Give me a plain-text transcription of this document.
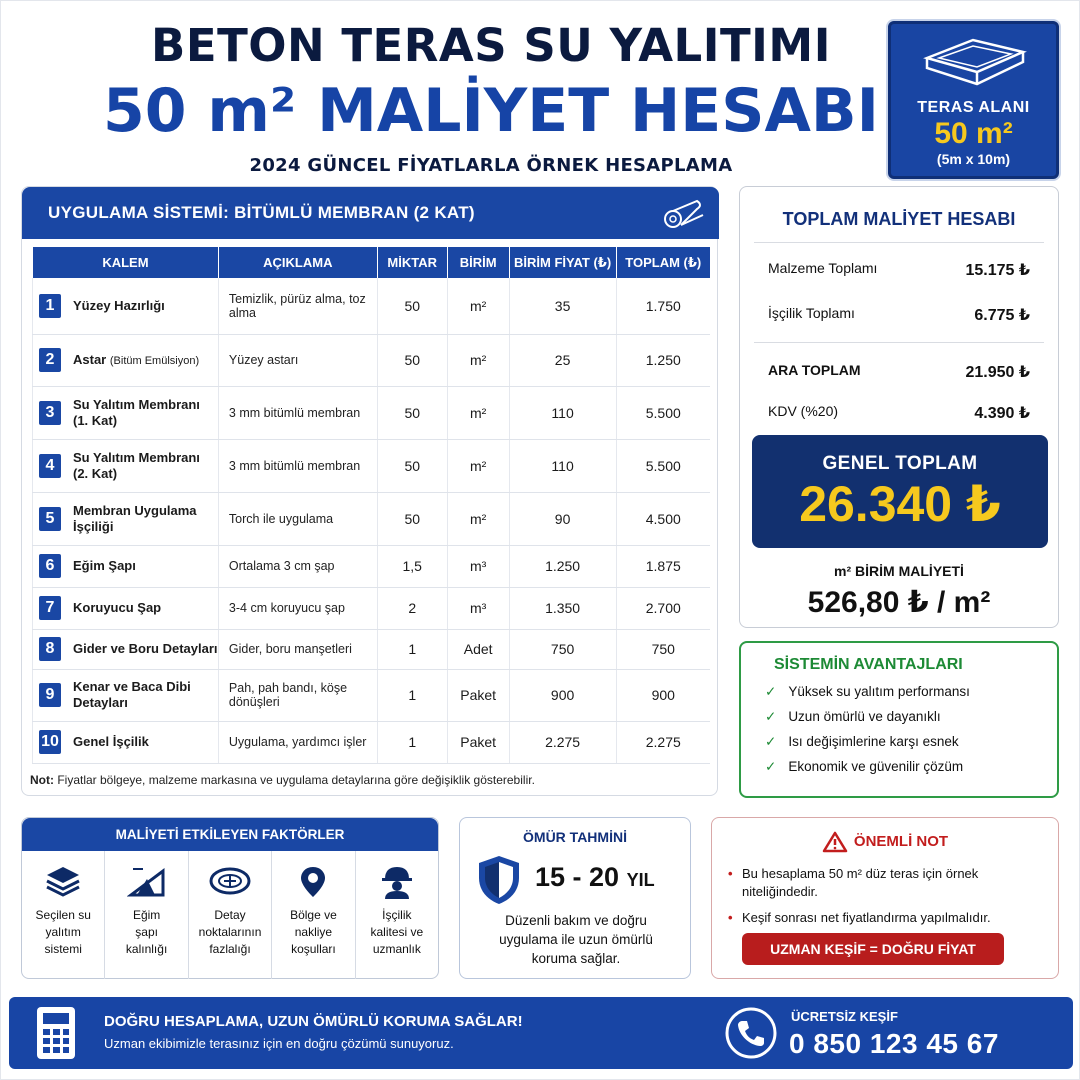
BETON TERAS SU YALITIMI
50 m² MALİYET HESABI
2024 GÜNCEL FİYATLARLA ÖRNEK HESAPLAMA
TERAS ALANI
50 m²
(5m x 10m)
UYGULAMA SİSTEMİ: BİTÜMLÜ MEMBRAN (2 KAT)
KALEM	AÇIKLAMA	MİKTAR	BİRİM	BİRİM FİYAT (₺)	TOPLAM (₺)
1 Yüzey Hazırlığı	Temizlik, pürüz alma, toz alma	50	m²	35	1.750
2 Astar (Bitüm Emülsiyon)	Yüzey astarı	50	m²	25	1.250
3 Su Yalıtım Membranı (1. Kat)	3 mm bitümlü membran	50	m²	110	5.500
4 Su Yalıtım Membranı (2. Kat)	3 mm bitümlü membran	50	m²	110	5.500
5 Membran Uygulama İşçiliği	Torch ile uygulama	50	m²	90	4.500
6 Eğim Şapı	Ortalama 3 cm şap	1,5	m³	1.250	1.875
7 Koruyucu Şap	3-4 cm koruyucu şap	2	m³	1.350	2.700
8 Gider ve Boru Detayları	Gider, boru manşetleri	1	Adet	750	750
9 Kenar ve Baca Dibi Detayları	Pah, pah bandı, köşe dönüşleri	1	Paket	900	900
10 Genel İşçilik	Uygulama, yardımcı işler	1	Paket	2.275	2.275
Not: Fiyatlar bölgeye, malzeme markasına ve uygulama detaylarına göre değişiklik gösterebilir.
TOPLAM MALİYET HESABI
Malzeme Toplamı	15.175 ₺
İşçilik Toplamı	6.775 ₺
ARA TOPLAM	21.950 ₺
KDV (%20)	4.390 ₺
GENEL TOPLAM
26.340 ₺
m² BİRİM MALİYETİ
526,80 ₺ / m²
SİSTEMİN AVANTAJLARI
✓ Yüksek su yalıtım performansı
✓ Uzun ömürlü ve dayanıklı
✓ Isı değişimlerine karşı esnek
✓ Ekonomik ve güvenilir çözüm
MALİYETİ ETKİLEYEN FAKTÖRLER
Seçilen su yalıtım sistemi
Eğim şapı kalınlığı
Detay noktalarının fazlalığı
Bölge ve nakliye koşulları
İşçilik kalitesi ve uzmanlık
ÖMÜR TAHMİNİ
15 - 20 YIL
Düzenli bakım ve doğru uygulama ile uzun ömürlü koruma sağlar.
ÖNEMLİ NOT
• Bu hesaplama 50 m² düz teras için örnek niteliğindedir.
• Keşif sonrası net fiyatlandırma yapılmalıdır.
UZMAN KEŞİF = DOĞRU FİYAT
DOĞRU HESAPLAMA, UZUN ÖMÜRLÜ KORUMA SAĞLAR!
Uzman ekibimizle terasınız için en doğru çözümü sunuyoruz.
ÜCRETSİZ KEŞİF
0 850 123 45 67
